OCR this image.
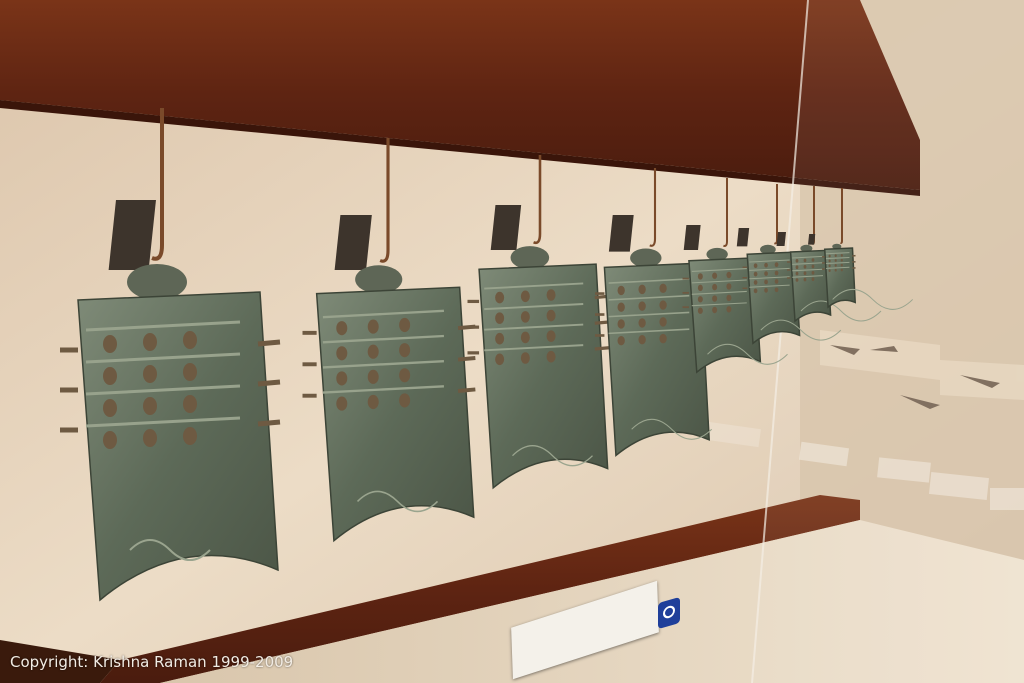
Copyright: Krishna Raman 1999-2009
